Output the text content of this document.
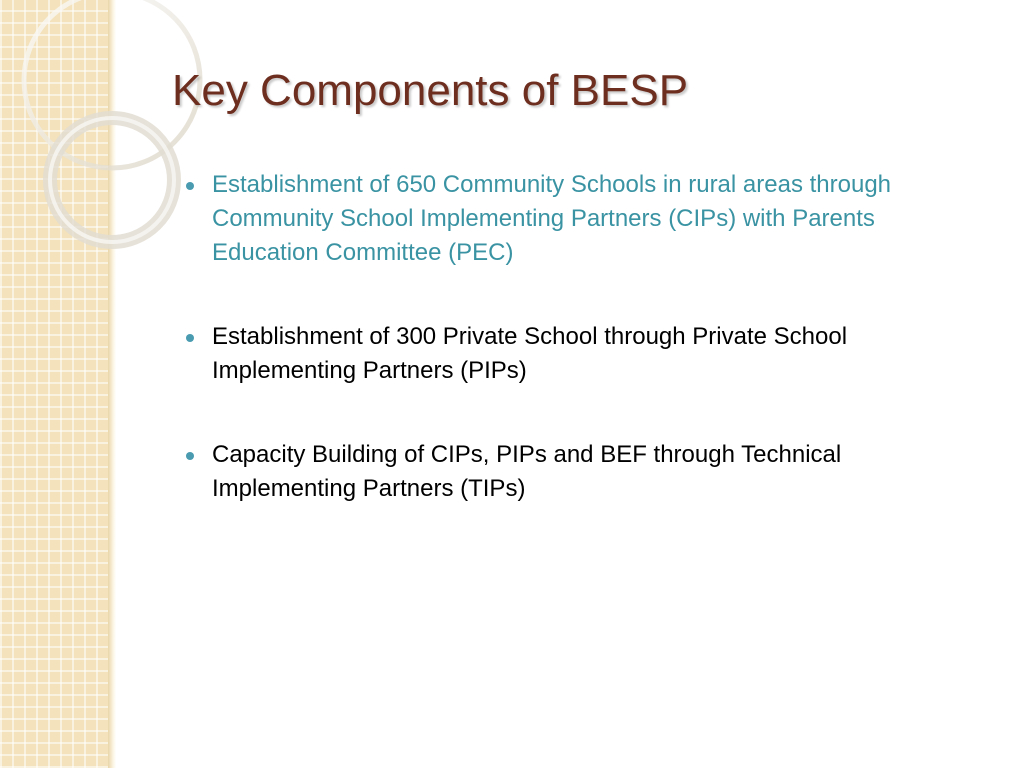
Key Components of BESP
Establishment of 650 Community Schools in rural areas through Community School Implementing Partners (CIPs) with Parents Education Committee (PEC)
Establishment of 300 Private School through Private School Implementing Partners (PIPs)
Capacity Building of CIPs, PIPs and BEF through Technical Implementing Partners (TIPs)
